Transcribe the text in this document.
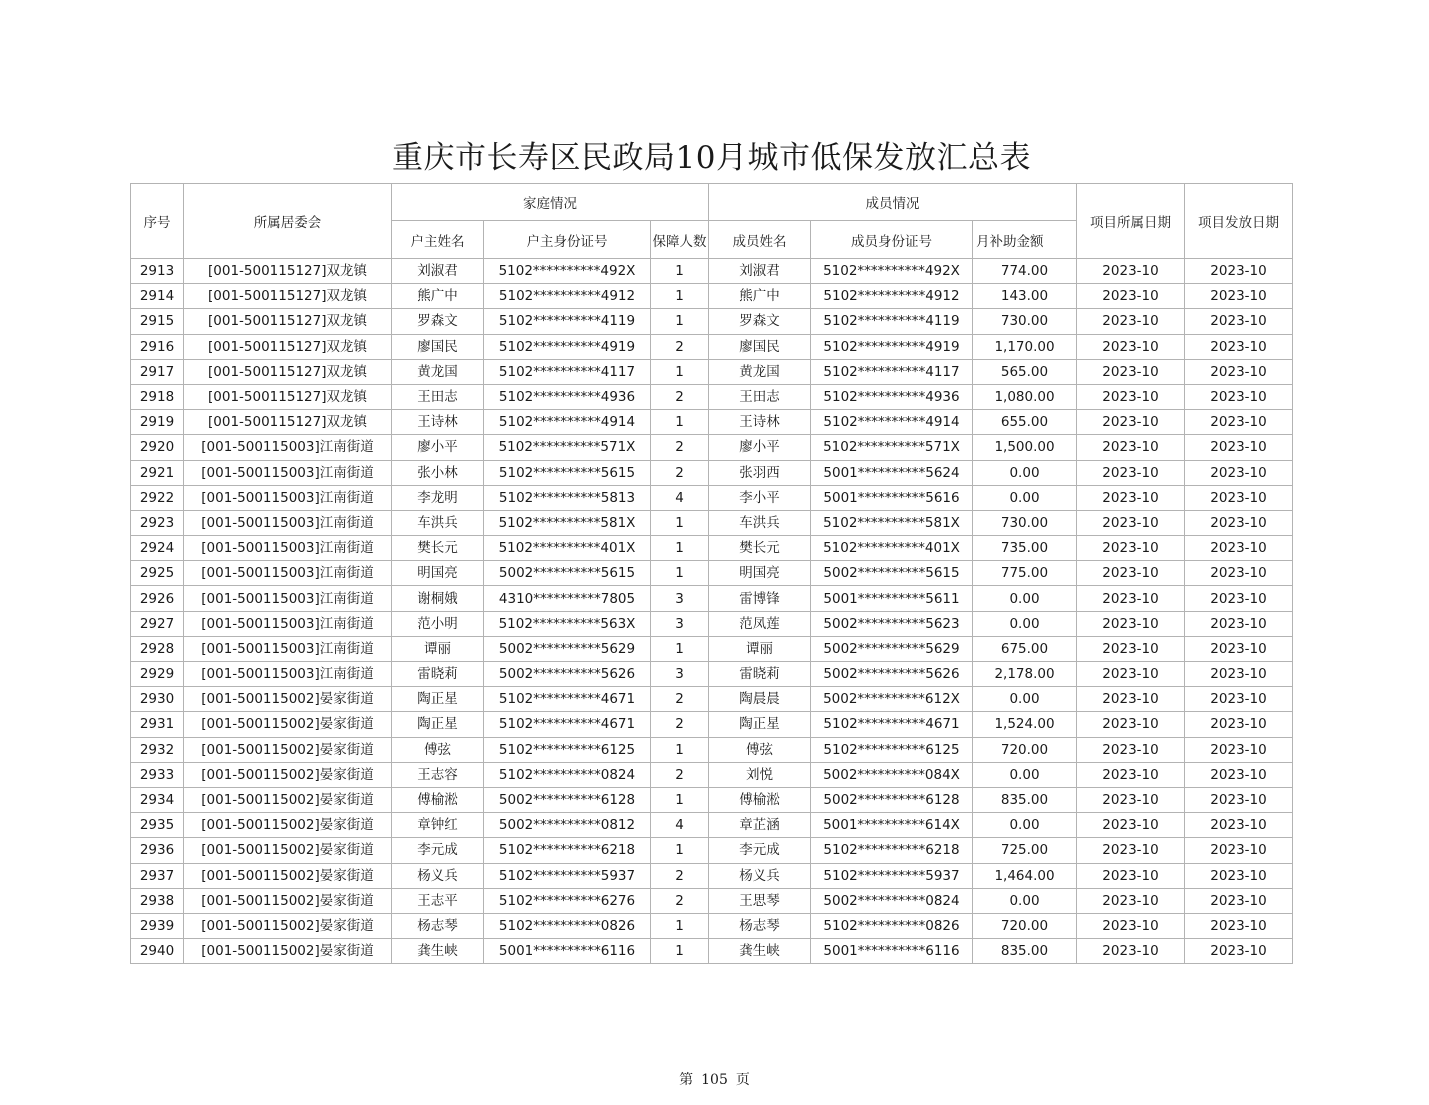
重庆市长寿区民政局10月城市低保发放汇总表
序号	所属居委会	家庭情况			成员情况			项目所属日期	项目发放日期
		户主姓名	户主身份证号	保障人数	成员姓名	成员身份证号	月补助金额		
2913	[001-500115127]双龙镇	刘淑君	5102**********492X	1	刘淑君	5102**********492X	774.00	2023-10	2023-10
2914	[001-500115127]双龙镇	熊广中	5102**********4912	1	熊广中	5102**********4912	143.00	2023-10	2023-10
2915	[001-500115127]双龙镇	罗森文	5102**********4119	1	罗森文	5102**********4119	730.00	2023-10	2023-10
2916	[001-500115127]双龙镇	廖国民	5102**********4919	2	廖国民	5102**********4919	1,170.00	2023-10	2023-10
2917	[001-500115127]双龙镇	黄龙国	5102**********4117	1	黄龙国	5102**********4117	565.00	2023-10	2023-10
2918	[001-500115127]双龙镇	王田志	5102**********4936	2	王田志	5102**********4936	1,080.00	2023-10	2023-10
2919	[001-500115127]双龙镇	王诗林	5102**********4914	1	王诗林	5102**********4914	655.00	2023-10	2023-10
2920	[001-500115003]江南街道	廖小平	5102**********571X	2	廖小平	5102**********571X	1,500.00	2023-10	2023-10
2921	[001-500115003]江南街道	张小林	5102**********5615	2	张羽西	5001**********5624	0.00	2023-10	2023-10
2922	[001-500115003]江南街道	李龙明	5102**********5813	4	李小平	5001**********5616	0.00	2023-10	2023-10
2923	[001-500115003]江南街道	车洪兵	5102**********581X	1	车洪兵	5102**********581X	730.00	2023-10	2023-10
2924	[001-500115003]江南街道	樊长元	5102**********401X	1	樊长元	5102**********401X	735.00	2023-10	2023-10
2925	[001-500115003]江南街道	明国亮	5002**********5615	1	明国亮	5002**********5615	775.00	2023-10	2023-10
2926	[001-500115003]江南街道	谢桐娥	4310**********7805	3	雷博锋	5001**********5611	0.00	2023-10	2023-10
2927	[001-500115003]江南街道	范小明	5102**********563X	3	范凤莲	5002**********5623	0.00	2023-10	2023-10
2928	[001-500115003]江南街道	谭丽	5002**********5629	1	谭丽	5002**********5629	675.00	2023-10	2023-10
2929	[001-500115003]江南街道	雷晓莉	5002**********5626	3	雷晓莉	5002**********5626	2,178.00	2023-10	2023-10
2930	[001-500115002]晏家街道	陶正星	5102**********4671	2	陶晨晨	5002**********612X	0.00	2023-10	2023-10
2931	[001-500115002]晏家街道	陶正星	5102**********4671	2	陶正星	5102**********4671	1,524.00	2023-10	2023-10
2932	[001-500115002]晏家街道	傅弦	5102**********6125	1	傅弦	5102**********6125	720.00	2023-10	2023-10
2933	[001-500115002]晏家街道	王志容	5102**********0824	2	刘悦	5002**********084X	0.00	2023-10	2023-10
2934	[001-500115002]晏家街道	傅榆淞	5002**********6128	1	傅榆淞	5002**********6128	835.00	2023-10	2023-10
2935	[001-500115002]晏家街道	章钟红	5002**********0812	4	章芷涵	5001**********614X	0.00	2023-10	2023-10
2936	[001-500115002]晏家街道	李元成	5102**********6218	1	李元成	5102**********6218	725.00	2023-10	2023-10
2937	[001-500115002]晏家街道	杨义兵	5102**********5937	2	杨义兵	5102**********5937	1,464.00	2023-10	2023-10
2938	[001-500115002]晏家街道	王志平	5102**********6276	2	王思琴	5002**********0824	0.00	2023-10	2023-10
2939	[001-500115002]晏家街道	杨志琴	5102**********0826	1	杨志琴	5102**********0826	720.00	2023-10	2023-10
2940	[001-500115002]晏家街道	龚生峡	5001**********6116	1	龚生峡	5001**********6116	835.00	2023-10	2023-10
第 105 页
